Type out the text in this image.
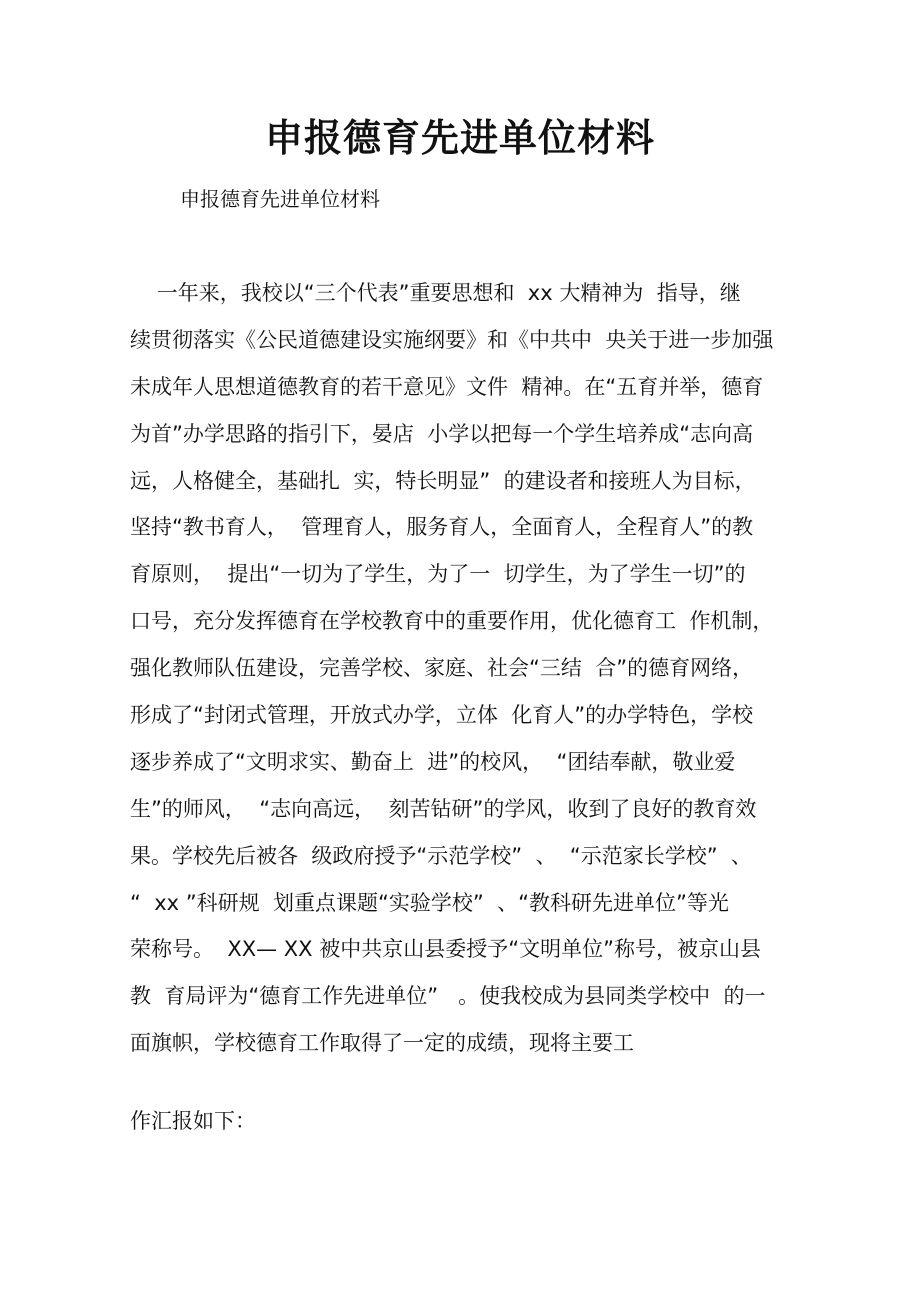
申报德育先进单位材料

申报德育先进单位材料

一年来，我校以“三个代表”重要思想和  xx 大精神为  指导，继
续贯彻落实《公民道德建设实施纲要》和《中共中  央关于进一步加强
未成年人思想道德教育的若干意见》文件  精神。在“五育并举，德育
为首”办学思路的指引下，晏店  小学以把每一个学生培养成“志向高
远，人格健全，基础扎  实，特长明显”  的建设者和接班人为目标，
坚持“教书育人，  管理育人，服务育人，全面育人，全程育人”的教
育原则，  提出“一切为了学生，为了一  切学生，为了学生一切”的
口号，充分发挥德育在学校教育中的重要作用，优化德育工  作机制，
强化教师队伍建设，完善学校、家庭、社会“三结  合”的德育网络，
形成了“封闭式管理，开放式办学，立体  化育人”的办学特色，学校
逐步养成了“文明求实、勤奋上  进”的校风，  “团结奉献，敬业爱
生”的师风，  “志向高远，  刻苦钻研”的学风，收到了良好的教育效
果。学校先后被各  级政府授予“示范学校”  、  “示范家长学校”  、
“  xx ”科研规  划重点课题“实验学校”  、“教科研先进单位”等光
荣称号。  XX— XX 被中共京山县委授予“文明单位”称号，被京山县
教  育局评为“德育工作先进单位”   。使我校成为县同类学校中  的一
面旗帜，学校德育工作取得了一定的成绩，现将主要工

作汇报如下：
